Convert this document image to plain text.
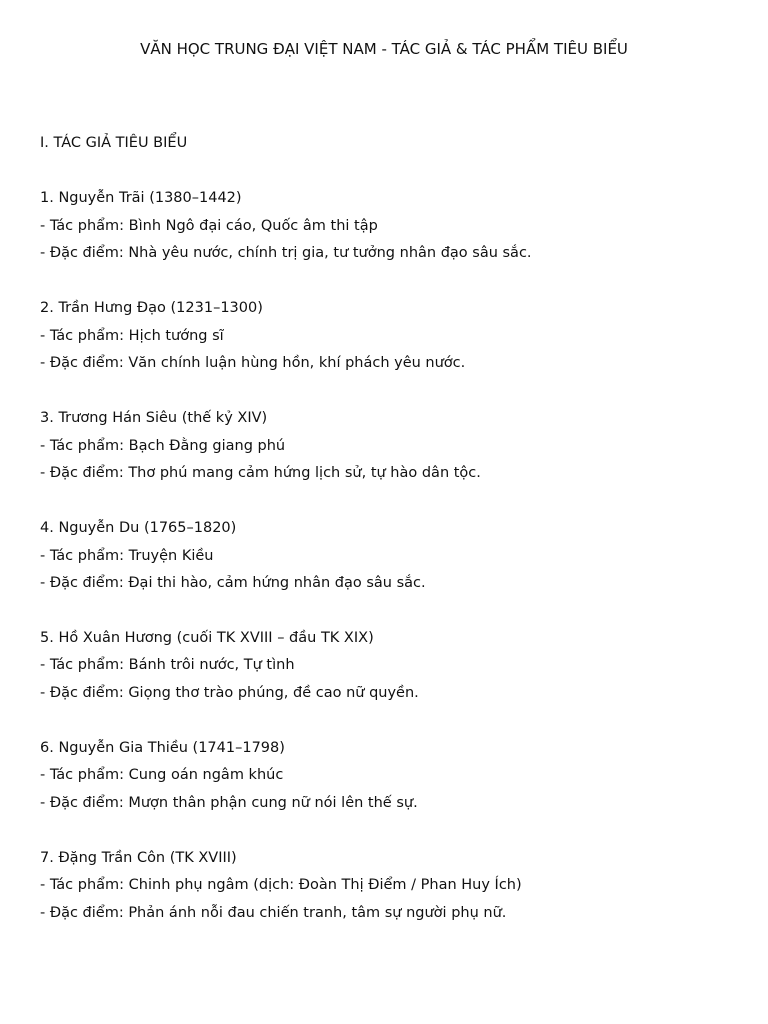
VĂN HỌC TRUNG ĐẠI VIỆT NAM - TÁC GIẢ & TÁC PHẨM TIÊU BIỂU
I. TÁC GIẢ TIÊU BIỂU
1. Nguyễn Trãi (1380–1442)
- Tác phẩm: Bình Ngô đại cáo, Quốc âm thi tập
- Đặc điểm: Nhà yêu nước, chính trị gia, tư tưởng nhân đạo sâu sắc.
2. Trần Hưng Đạo (1231–1300)
- Tác phẩm: Hịch tướng sĩ
- Đặc điểm: Văn chính luận hùng hồn, khí phách yêu nước.
3. Trương Hán Siêu (thế kỷ XIV)
- Tác phẩm: Bạch Đằng giang phú
- Đặc điểm: Thơ phú mang cảm hứng lịch sử, tự hào dân tộc.
4. Nguyễn Du (1765–1820)
- Tác phẩm: Truyện Kiều
- Đặc điểm: Đại thi hào, cảm hứng nhân đạo sâu sắc.
5. Hồ Xuân Hương (cuối TK XVIII – đầu TK XIX)
- Tác phẩm: Bánh trôi nước, Tự tình
- Đặc điểm: Giọng thơ trào phúng, đề cao nữ quyền.
6. Nguyễn Gia Thiều (1741–1798)
- Tác phẩm: Cung oán ngâm khúc
- Đặc điểm: Mượn thân phận cung nữ nói lên thế sự.
7. Đặng Trần Côn (TK XVIII)
- Tác phẩm: Chinh phụ ngâm (dịch: Đoàn Thị Điểm / Phan Huy Ích)
- Đặc điểm: Phản ánh nỗi đau chiến tranh, tâm sự người phụ nữ.
